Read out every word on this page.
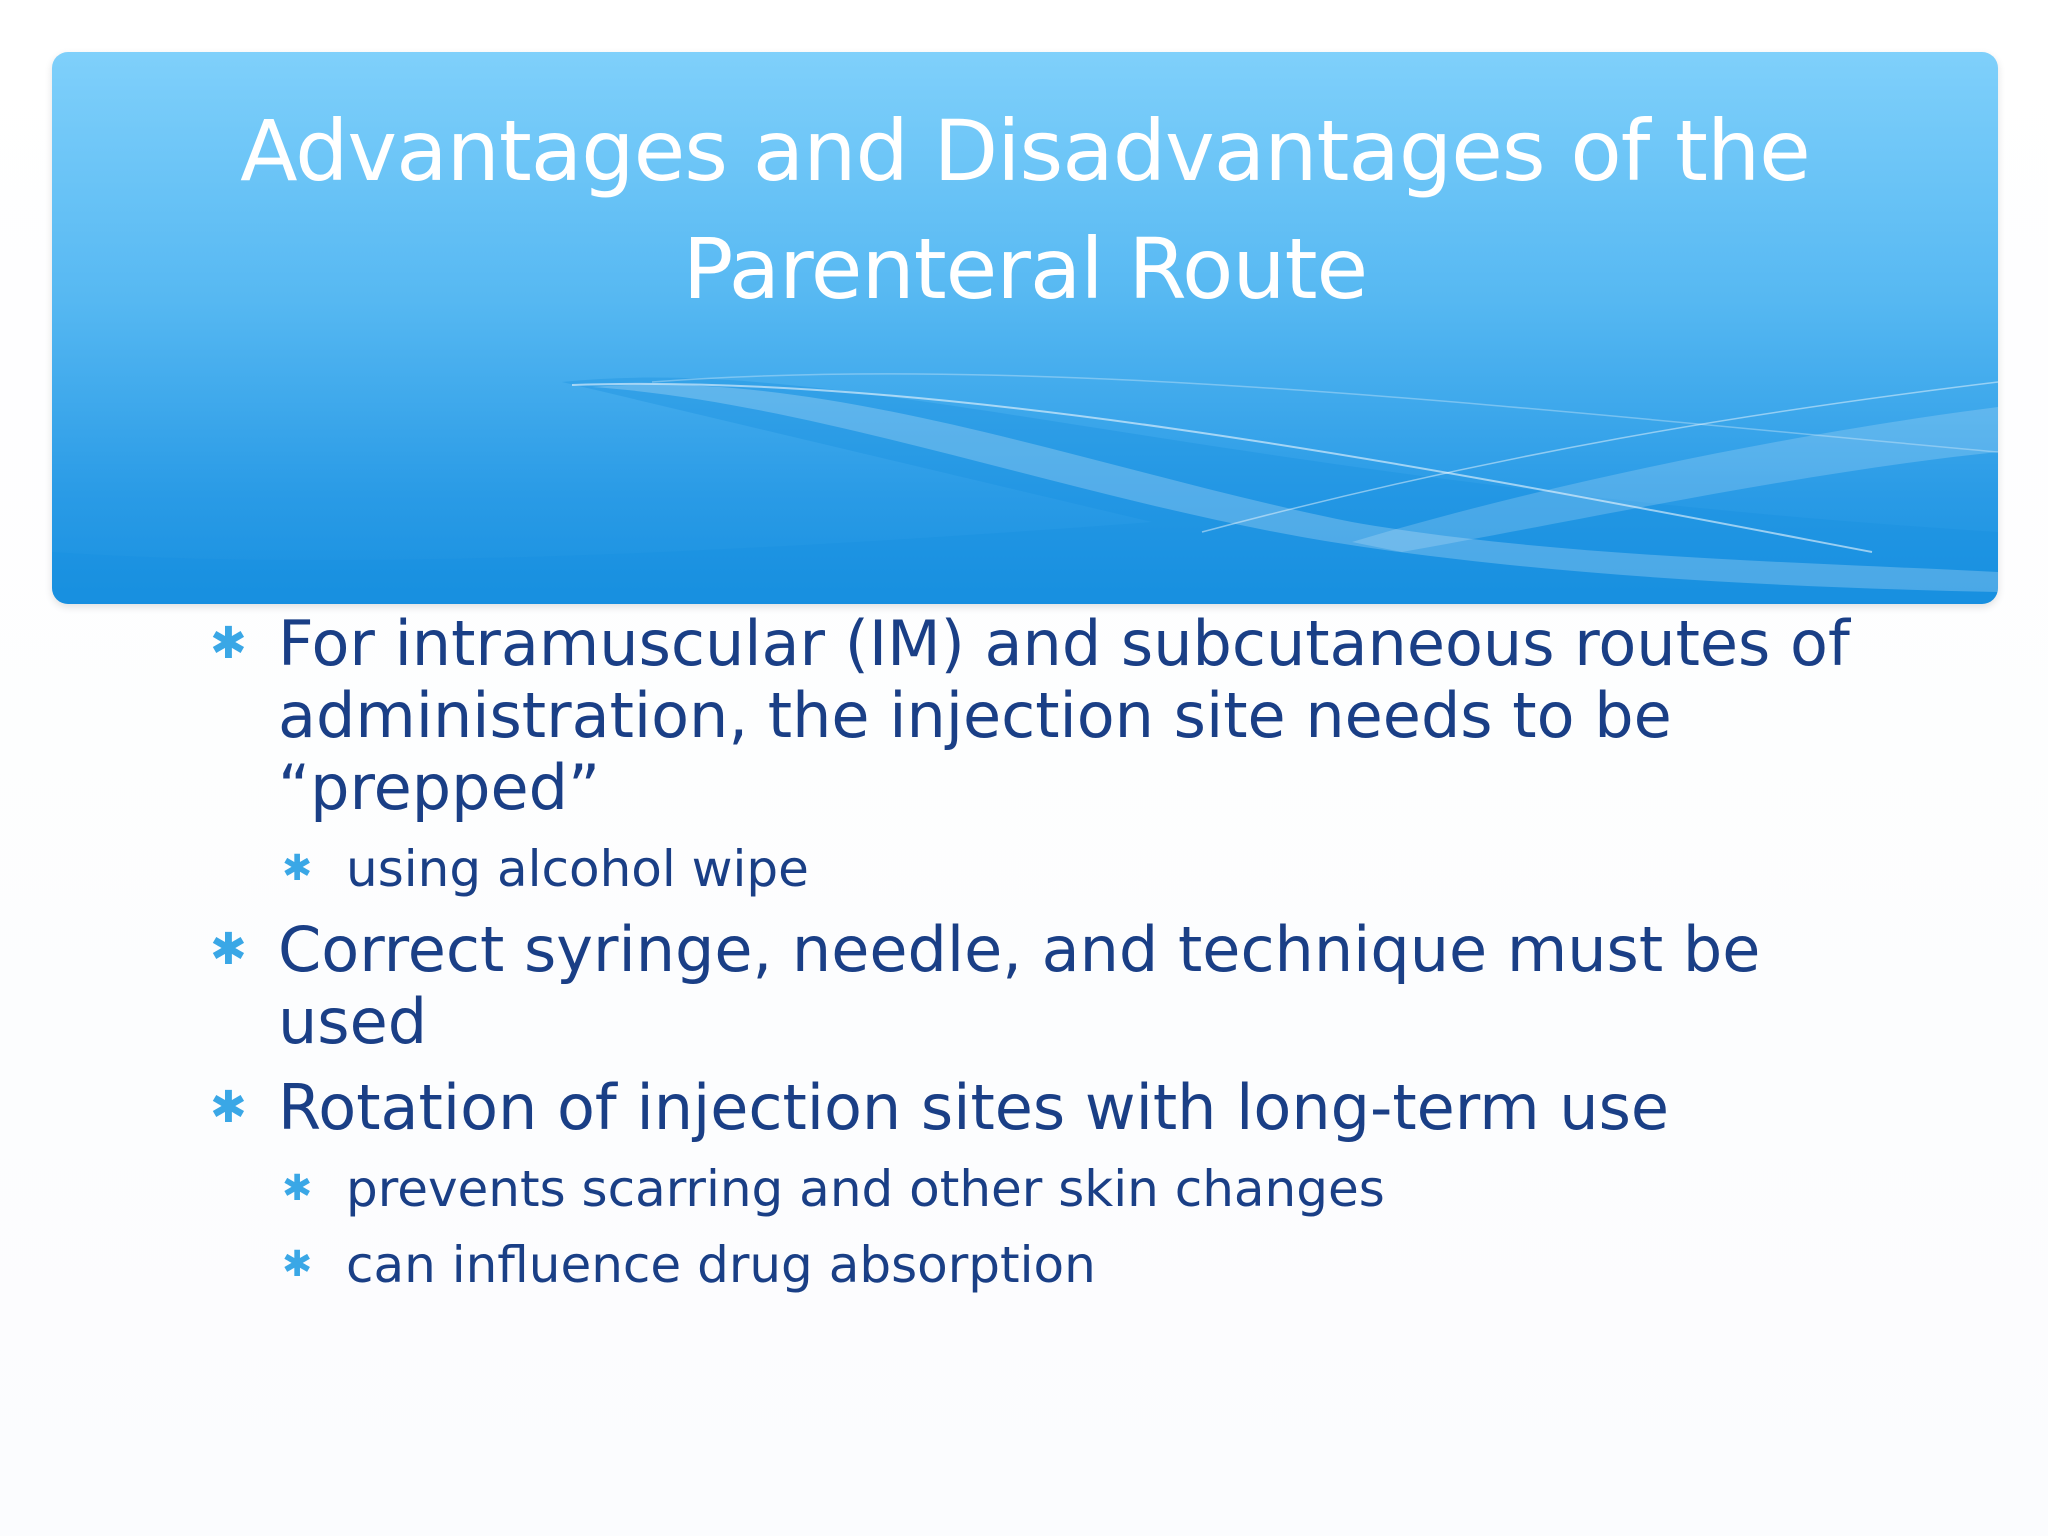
Advantages and Disadvantages of the
Parenteral Route
✱ For intramuscular (IM) and subcutaneous routes of administration, the injection site needs to be “prepped”
✱ using alcohol wipe
✱ Correct syringe, needle, and technique must be used
✱ Rotation of injection sites with long-term use
✱ prevents scarring and other skin changes
✱ can influence drug absorption
